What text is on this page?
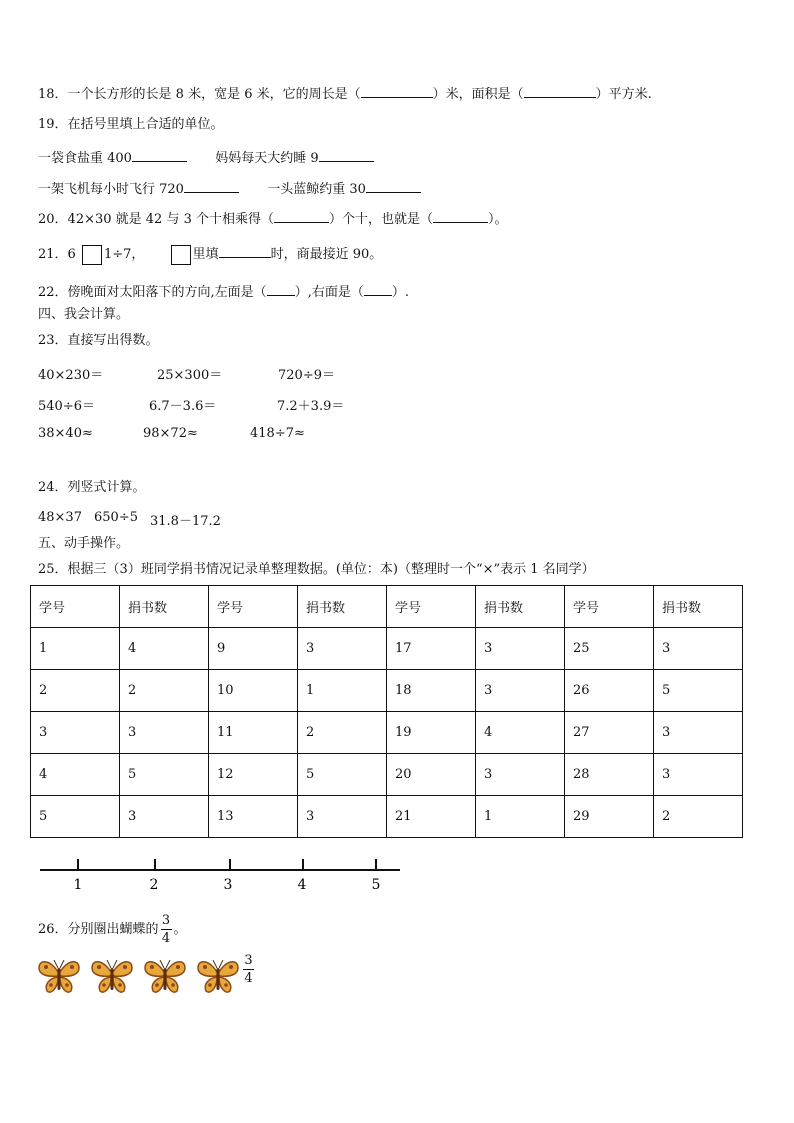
18．一个长方形的长是 8 米，宽是 6 米，它的周长是（	）米，面积是（	）平方米.
19．在括号里填上合适的单位。
一袋食盐重 400	妈妈每天大约睡 9
一架飞机每小时飞行 720	一头蓝鲸约重 30
20．42×30 就是 42 与 3 个十相乘得（	）个十，也就是（	）。
21．6 1÷7，	里填	时，商最接近 90。
22．傍晚面对太阳落下的方向,左面是（ ）,右面是（ ）.
四、我会计算。
23．直接写出得数。
40×230＝	25×300＝	720÷9＝
540÷6＝	6.7－3.6＝	7.2＋3.9＝
38×40≈	98×72≈	418÷7≈
24．列竖式计算。
48×37 650÷5 31.8－17.2
五、动手操作。
25．根据三（3）班同学捐书情况记录单整理数据。(单位：本)（整理时一个“×”表示 1 名同学）
学号	捐书数	学号	捐书数	学号	捐书数	学号	捐书数
1	4	9	3	17	3	25	3
2	2	10	1	18	3	26	5
3	3	11	2	19	4	27	3
4	5	12	5	20	3	28	3
5	3	13	3	21	1	29	2
1	2	3	4	5
26．分别圈出蝴蝶的 $\frac{3}{4}$ 。
$\frac{3}{4}$
